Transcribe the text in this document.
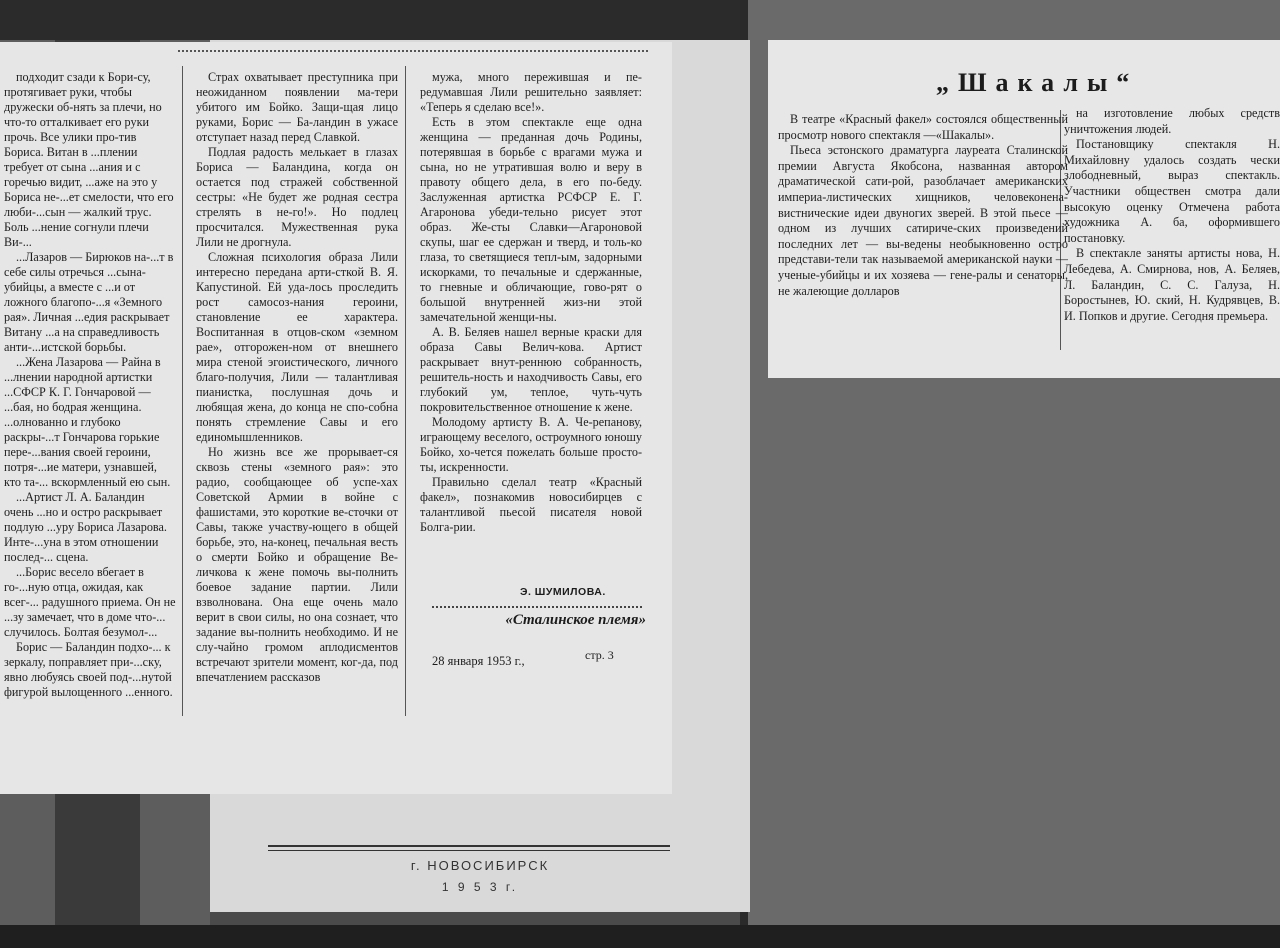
г. НОВОСИБИРСК
1 9 5 3 г.

подходит сзади к Бори-су, протягивает руки, чтобы дружески об-нять за плечи, но что-то отталкивает его руки прочь. Все улики про-тив Бориса. Витан в ...плении требует от сына ...ания и с горечью видит, ...аже на это у Бориса не-...ет смелости, что его люби-...сын — жалкий трус. Боль ...нение согнули плечи Ви-...

...Лазаров — Бирюков на-...т в себе силы отречься ...сына-убийцы, а вместе с ...и от ложного благопо-...я «Земного рая». Личная ...едия раскрывает Витану ...а на справедливость анти-...истской борьбы.

...Жена Лазарова — Райна в ...лнении народной артистки ...СФСР К. Г. Гончаровой — ...бая, но бодрая женщина. ...олнованно и глубоко раскры-...т Гончарова горькие пере-...вания своей героини, потря-...ие матери, узнавшей, кто та-... вскормленный ею сын.

...Артист Л. А. Баландин очень ...но и остро раскрывает подлую ...уру Бориса Лазарова. Инте-...уна в этом отношении послед-... сцена.

...Борис весело вбегает в го-...ную отца, ожидая, как всег-... радушного приема. Он не ...зу замечает, что в доме что-... случилось. Болтая безумол-...

Борис — Баландин подхо-... к зеркалу, поправляет при-...ску, явно любуясь своей под-...нутой фигурой вылощенного ...енного.

Страх охватывает преступника при неожиданном появлении ма-тери убитого им Бойко. Защи-щая лицо руками, Борис — Ба-ландин в ужасе отступает назад перед Славкой.

Подлая радость мелькает в глазах Бориса — Баландина, когда он остается под стражей собственной сестры: «Не будет же родная сестра стрелять в не-го!». Но подлец просчитался. Мужественная рука Лили не дрогнула.

Сложная психология образа Лили интересно передана арти-сткой В. Я. Капустиной. Ей уда-лось проследить рост самосоз-нания героини, становление ее характера. Воспитанная в отцов-ском «земном рае», отгорожен-ном от внешнего мира стеной эгоистического, личного благо-получия, Лили — талантливая пианистка, послушная дочь и любящая жена, до конца не спо-собна понять стремление Савы и его единомышленников.

Но жизнь все же прорывает-ся сквозь стены «земного рая»: это радио, сообщающее об успе-хах Советской Армии в войне с фашистами, это короткие ве-сточки от Савы, также участву-ющего в общей борьбе, это, на-конец, печальная весть о смерти Бойко и обращение Ве-личкова к жене помочь вы-полнить боевое задание партии. Лили взволнована. Она еще очень мало верит в свои силы, но она сознает, что задание вы-полнить необходимо. И не слу-чайно громом аплодисментов встречают зрители момент, ког-да, под впечатлением рассказов

мужа, много пережившая и пе-редумавшая Лили решительно заявляет: «Теперь я сделаю все!».

Есть в этом спектакле еще одна женщина — преданная дочь Родины, потерявшая в борьбе с врагами мужа и сына, но не утратившая волю и веру в правоту общего дела, в его по-беду. Заслуженная артистка РСФСР Е. Г. Агаронова убеди-тельно рисует этот образ. Же-сты Славки—Агароновой скупы, шаг ее сдержан и тверд, и толь-ко глаза, то светящиеся тепл-ым, задорными искорками, то печальные и сдержанные, то гневные и обличающие, гово-рят о большой внутренней жиз-ни этой замечательной женщи-ны.

А. В. Беляев нашел верные краски для образа Савы Велич-кова. Артист раскрывает внут-реннюю собранность, решитель-ность и находчивость Савы, его глубокий ум, теплое, чуть-чуть покровительственное отношение к жене.

Молодому артисту В. А. Че-репанову, играющему веселого, остроумного юношу Бойко, хо-чется пожелать больше просто-ты, искренности.

Правильно сделал театр «Красный факел», познакомив новосибирцев с талантливой пьесой писателя новой Болга-рии.

Э. ШУМИЛОВА.
«Сталинское племя»
28 января 1953 г.,	стр. 3
„Шакалы“

В театре «Красный факел» состоялся общественный просмотр нового спектакля —«Шакалы».

Пьеса эстонского драматурга лауреата Сталинской премии Августа Якобсона, названная автором драматической сати-рой, разоблачает американских империа-листических хищников, человеконена-вистнические идеи двуногих зверей. В этой пьесе — одном из лучших сатириче-ских произведений последних лет — вы-ведены необыкновенно остро представи-тели так называемой американской науки —ученые-убийцы и их хозяева — гене-ралы и сенаторы, не жалеющие долларов

на изготовление любых средств уничтожения людей.

Постановщику спектакля Н. Михайловну удалось создать чески злободневный, выраз спектакль. Участники обществен смотра дали высокую оценку Отмечена работа художника А. ба, оформившего постановку.

В спектакле заняты артисты нова, Н. Лебедева, А. Смирнова, нов, А. Беляев, Л. Баландин, С. С. Галуза, Н. Боростынев, Ю. ский, Н. Кудрявцев, В. И. Попков и другие. Сегодня премьера.
